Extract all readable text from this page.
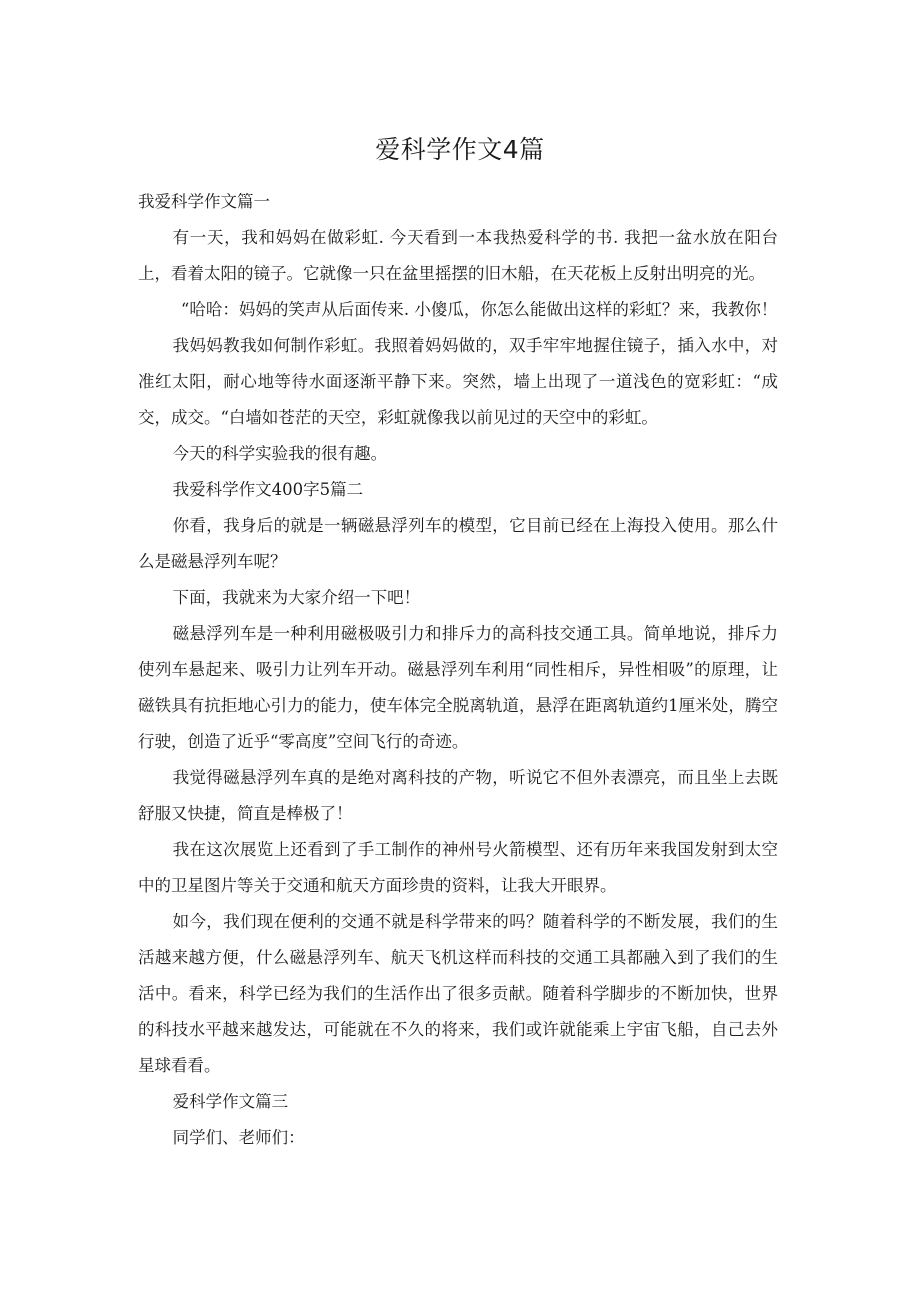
爱科学作文4篇

我爱科学作文篇一

有一天，我和妈妈在做彩虹. 今天看到一本我热爱科学的书. 我把一盆水放在阳台上，看着太阳的镜子。它就像一只在盆里摇摆的旧木船，在天花板上反射出明亮的光。

“哈哈：妈妈的笑声从后面传来. 小傻瓜，你怎么能做出这样的彩虹？来，我教你！

我妈妈教我如何制作彩虹。我照着妈妈做的，双手牢牢地握住镜子，插入水中，对准红太阳，耐心地等待水面逐渐平静下来。突然，墙上出现了一道浅色的宽彩虹：“成交，成交。“白墙如苍茫的天空，彩虹就像我以前见过的天空中的彩虹。

今天的科学实验我的很有趣。

我爱科学作文400字5篇二

你看，我身后的就是一辆磁悬浮列车的模型，它目前已经在上海投入使用。那么什么是磁悬浮列车呢？

下面，我就来为大家介绍一下吧！

磁悬浮列车是一种利用磁极吸引力和排斥力的高科技交通工具。简单地说，排斥力使列车悬起来、吸引力让列车开动。磁悬浮列车利用“同性相斥，异性相吸”的原理，让磁铁具有抗拒地心引力的能力，使车体完全脱离轨道，悬浮在距离轨道约1厘米处，腾空行驶，创造了近乎“零高度”空间飞行的奇迹。

我觉得磁悬浮列车真的是绝对离科技的产物，听说它不但外表漂亮，而且坐上去既舒服又快捷，简直是棒极了！

我在这次展览上还看到了手工制作的神州号火箭模型、还有历年来我国发射到太空中的卫星图片等关于交通和航天方面珍贵的资料，让我大开眼界。

如今，我们现在便利的交通不就是科学带来的吗？随着科学的不断发展，我们的生活越来越方便，什么磁悬浮列车、航天飞机这样而科技的交通工具都融入到了我们的生活中。看来，科学已经为我们的生活作出了很多贡献。随着科学脚步的不断加快，世界的科技水平越来越发达，可能就在不久的将来，我们或许就能乘上宇宙飞船，自己去外星球看看。

爱科学作文篇三

同学们、老师们：
